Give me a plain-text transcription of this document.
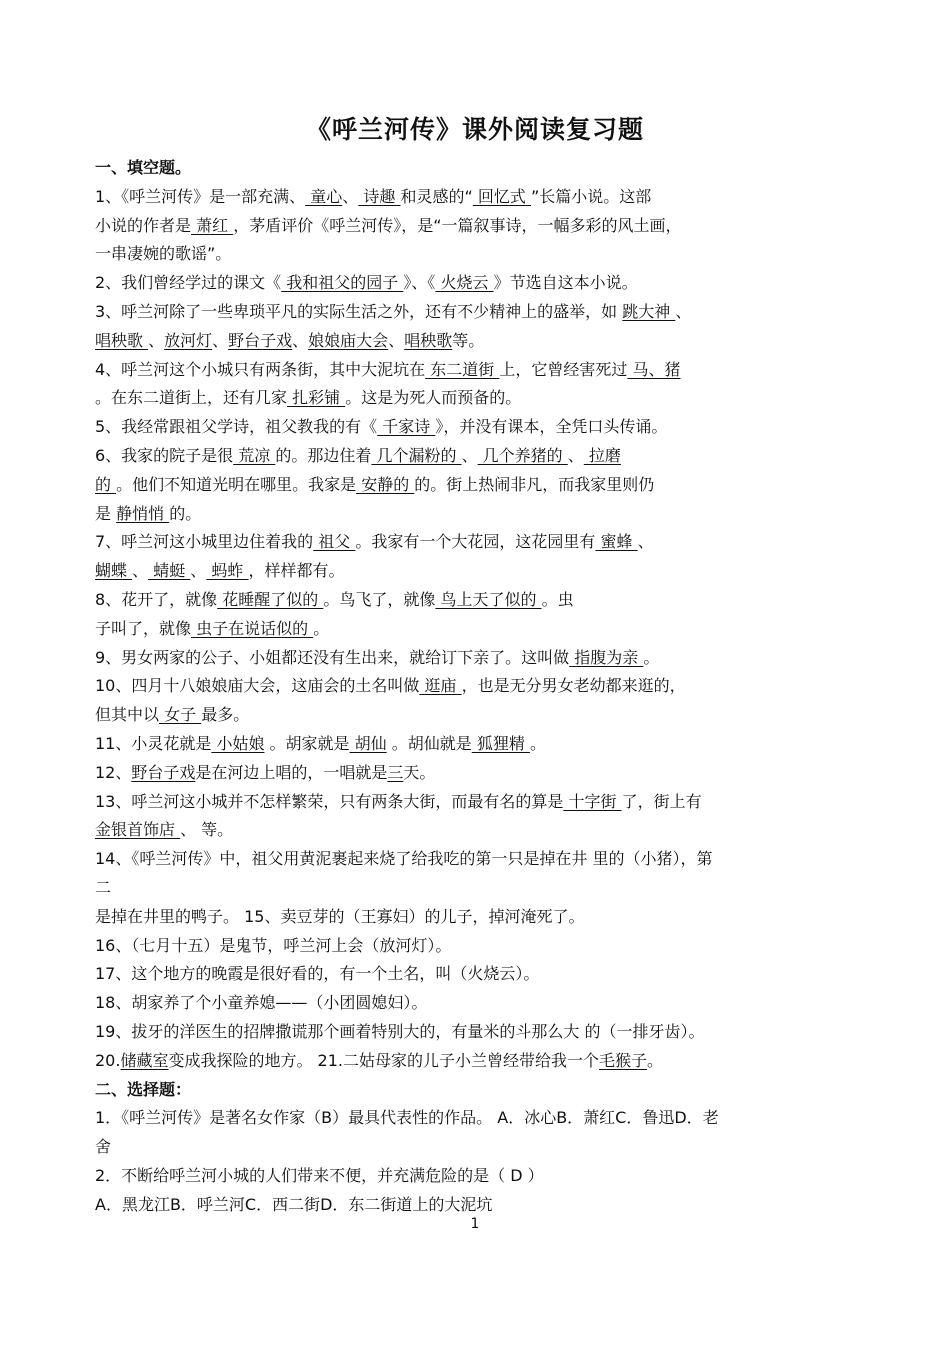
《呼兰河传》课外阅读复习题
一、填空题。
1、《呼兰河传》是一部充满、 童心、 诗趣 和灵感的“ 回忆式 ”长篇小说。这部
小说的作者是 萧红 ，茅盾评价《呼兰河传》，是“一篇叙事诗，一幅多彩的风土画，
一串凄婉的歌谣”。
2、我们曾经学过的课文《 我和祖父的园子 》、《 火烧云 》节选自这本小说。
3、呼兰河除了一些卑琐平凡的实际生活之外，还有不少精神上的盛举，如 跳大神 、
唱秧歌 、放河灯、野台子戏、娘娘庙大会、唱秧歌等。
4、呼兰河这个小城只有两条街，其中大泥坑在 东二道街 上，它曾经害死过 马、猪
。在东二道街上，还有几家 扎彩铺 。这是为死人而预备的。
5、我经常跟祖父学诗，祖父教我的有《 千家诗 》，并没有课本，全凭口头传诵。
6、我家的院子是很 荒凉 的。那边住着 几个漏粉的 、 几个养猪的 、 拉磨
的 。他们不知道光明在哪里。我家是 安静的 的。街上热闹非凡，而我家里则仍
是 静悄悄 的。
7、呼兰河这小城里边住着我的 祖父 。我家有一个大花园，这花园里有 蜜蜂 、
蝴蝶 、 蜻蜓 、 蚂蚱 ，样样都有。
8、花开了，就像 花睡醒了似的 。鸟飞了，就像 鸟上天了似的 。虫
子叫了，就像 虫子在说话似的 。
9、男女两家的公子、小姐都还没有生出来，就给订下亲了。这叫做 指腹为亲 。
10、四月十八娘娘庙大会，这庙会的土名叫做 逛庙 ，也是无分男女老幼都来逛的，
但其中以 女子 最多。
11、小灵花就是 小姑娘 。胡家就是 胡仙 。胡仙就是 狐狸精 。
12、野台子戏是在河边上唱的，一唱就是三天。
13、呼兰河这小城并不怎样繁荣，只有两条大街，而最有名的算是 十字街 了，街上有
金银首饰店 、 等。
14、《呼兰河传》中，祖父用黄泥裹起来烧了给我吃的第一只是掉在井 里的（小猪），第
二
是掉在井里的鸭子。 15、卖豆芽的（王寡妇）的儿子，掉河淹死了。
16、（七月十五）是鬼节，呼兰河上会（放河灯）。
17、这个地方的晚霞是很好看的，有一个土名，叫（火烧云）。
18、胡家养了个小童养媳——（小团圆媳妇）。
19、拔牙的洋医生的招牌撒谎那个画着特别大的，有量米的斗那么大 的（一排牙齿）。
20.储藏室变成我探险的地方。 21.二姑母家的儿子小兰曾经带给我一个毛猴子。
二、选择题：
1．《呼兰河传》是著名女作家（B）最具代表性的作品。 A．冰心B．萧红C．鲁迅D．老
舍
2．不断给呼兰河小城的人们带来不便，并充满危险的是（ D ）
A．黑龙江B．呼兰河C．西二街D．东二街道上的大泥坑
1
